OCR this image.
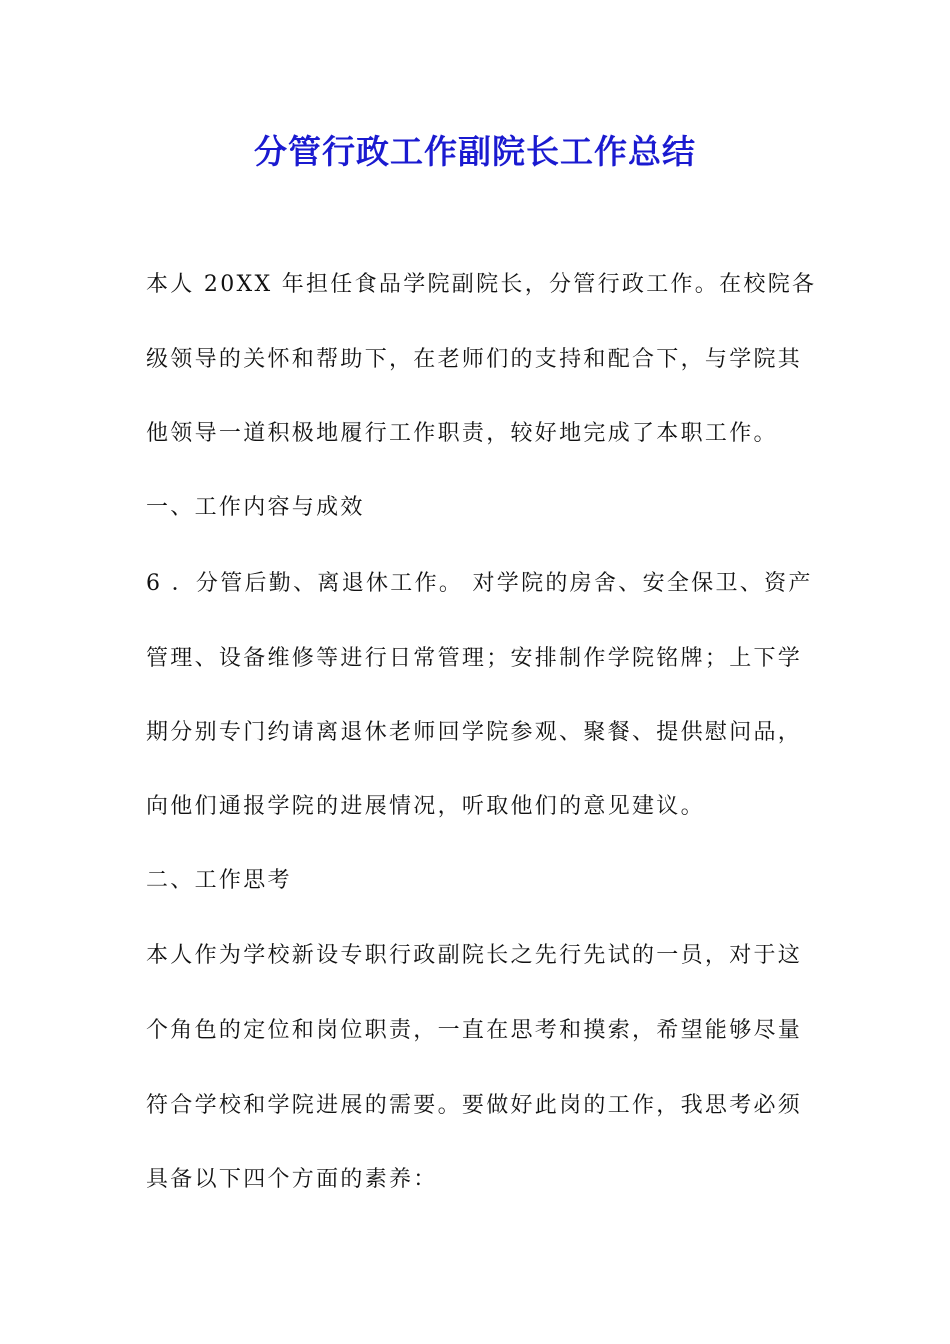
分管行政工作副院长工作总结
本人 20XX 年担任食品学院副院长，分管行政工作。在校院各
级领导的关怀和帮助下，在老师们的支持和配合下，与学院其
他领导一道积极地履行工作职责，较好地完成了本职工作。
一、工作内容与成效
6 ．分管后勤、离退休工作。 对学院的房舍、安全保卫、资产
管理、设备维修等进行日常管理；安排制作学院铭牌；上下学
期分别专门约请离退休老师回学院参观、聚餐、提供慰问品，
向他们通报学院的进展情况，听取他们的意见建议。
二、工作思考
本人作为学校新设专职行政副院长之先行先试的一员，对于这
个角色的定位和岗位职责，一直在思考和摸索，希望能够尽量
符合学校和学院进展的需要。要做好此岗的工作，我思考必须
具备以下四个方面的素养：
